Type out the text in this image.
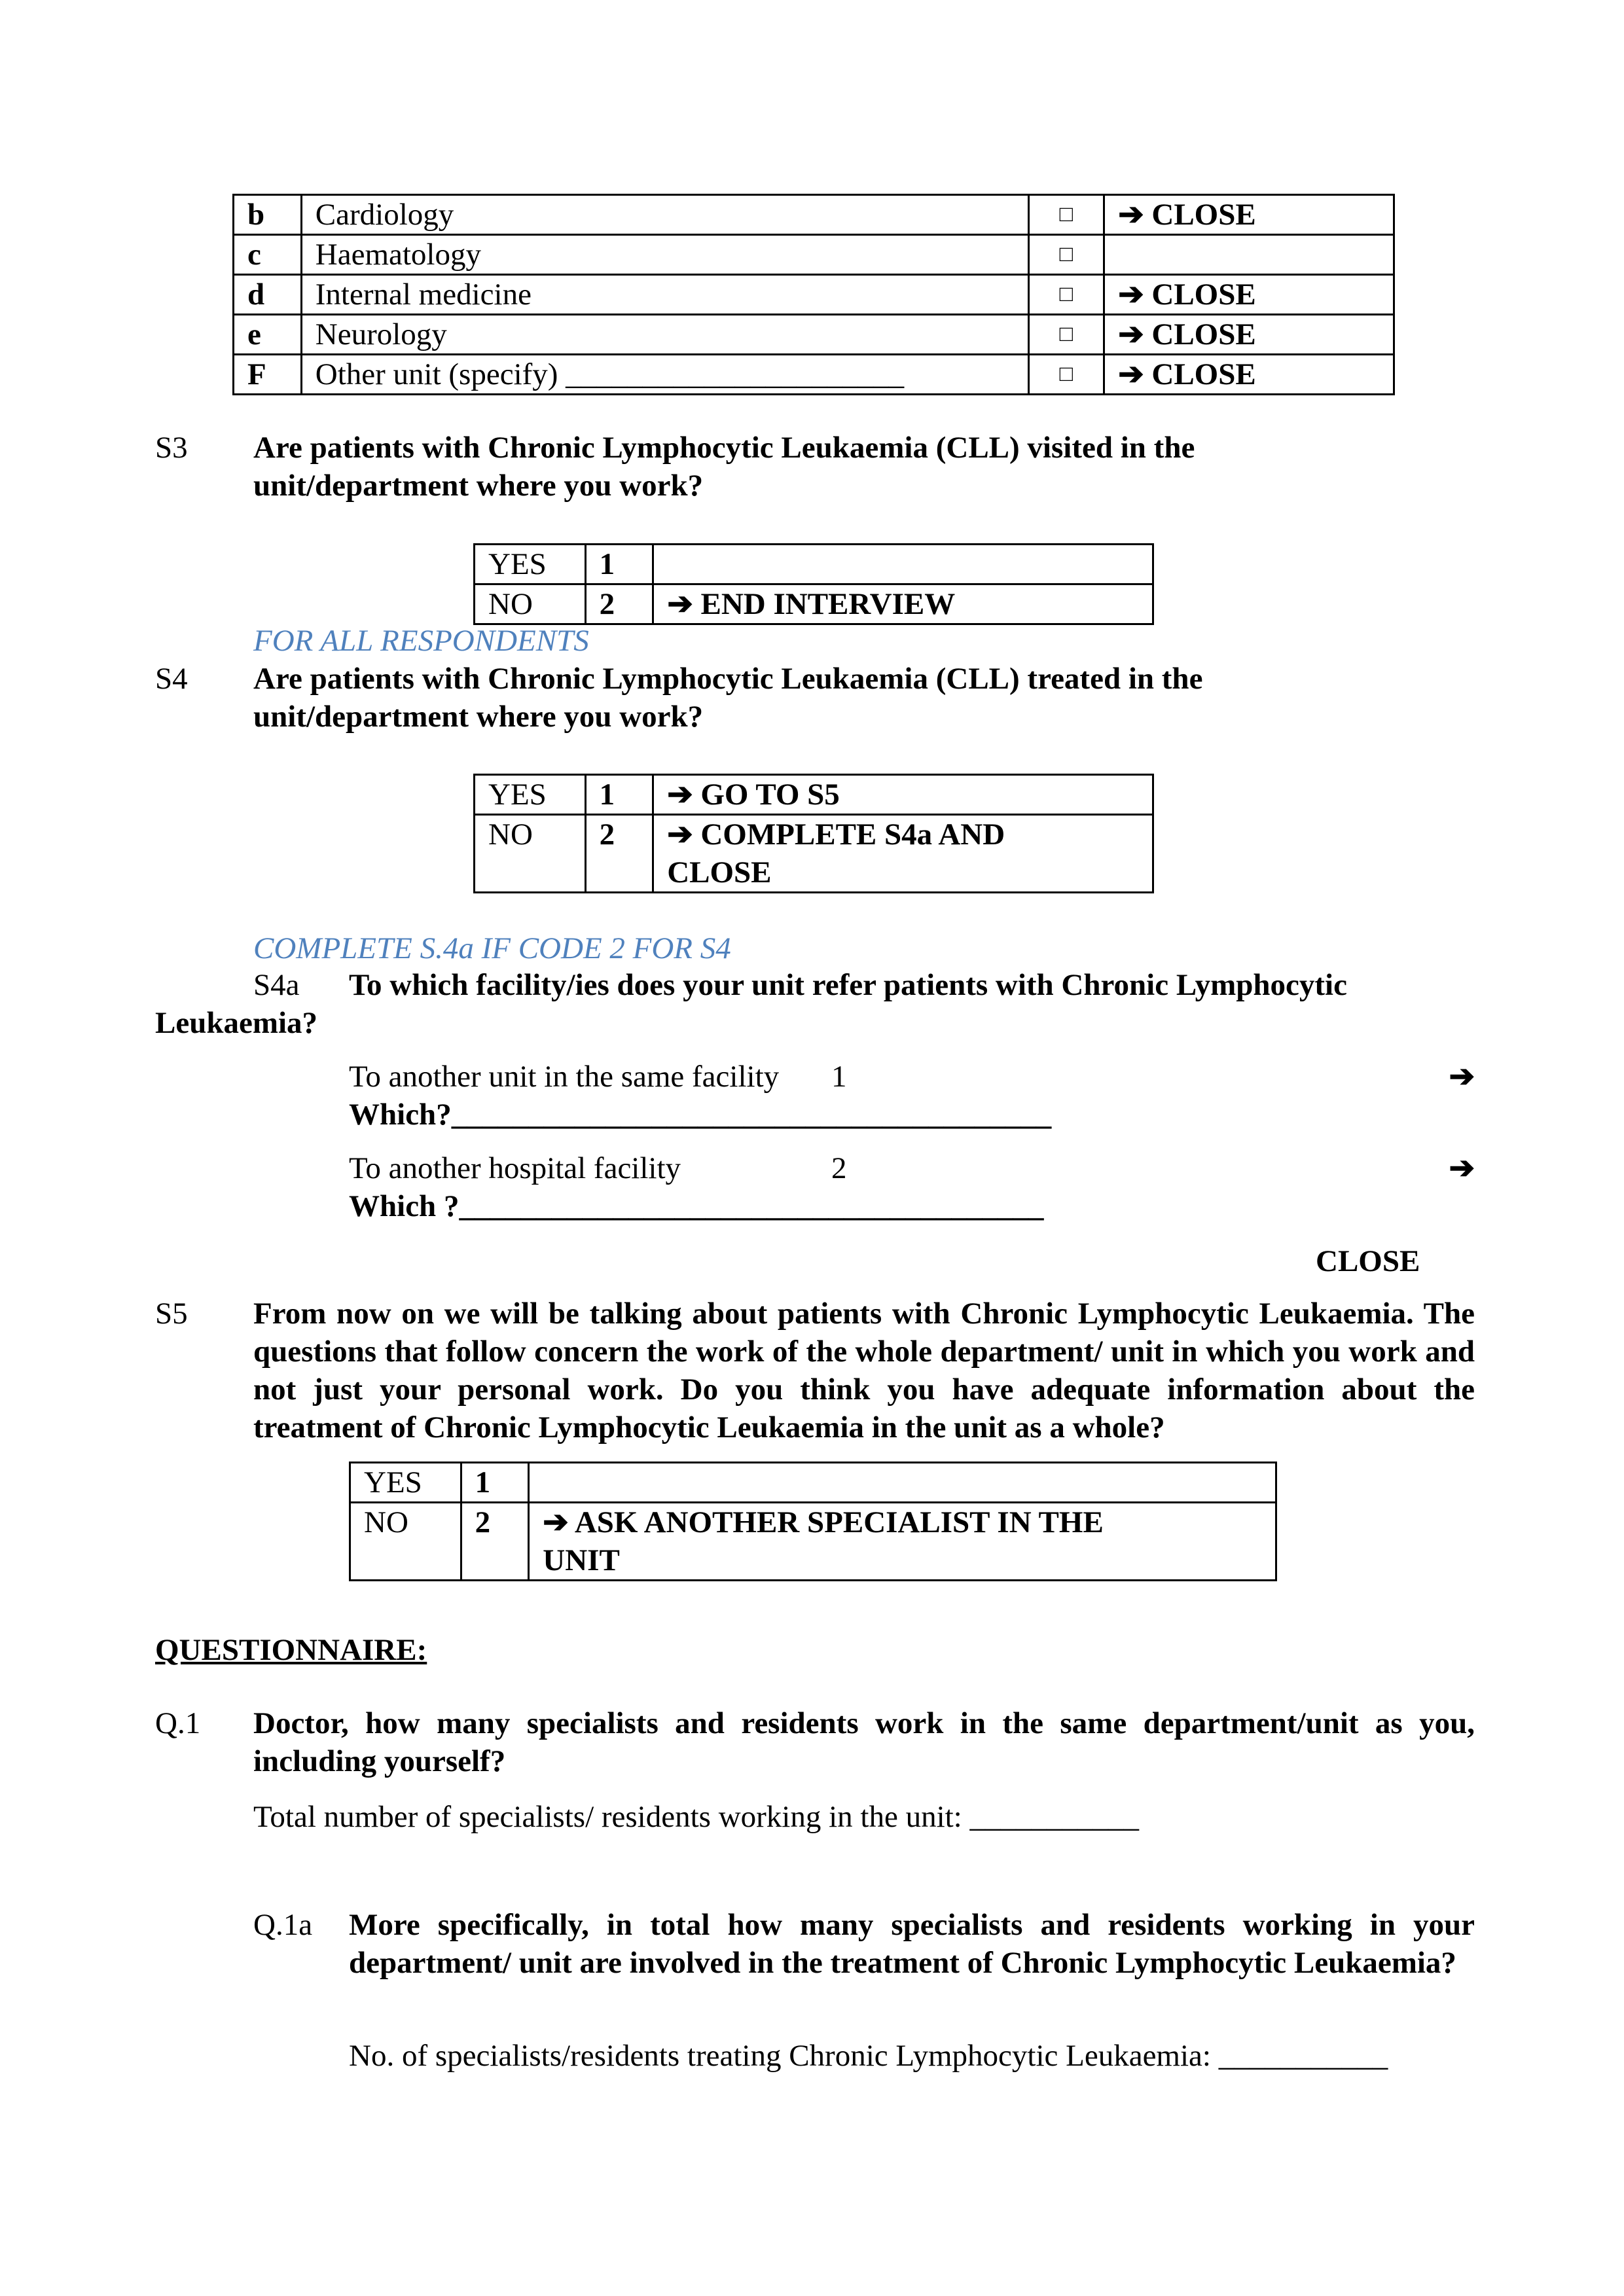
b	Cardiology	□	➔ CLOSE
c	Haematology	□	
d	Internal medicine	□	➔ CLOSE
e	Neurology	□	➔ CLOSE
F	Other unit (specify) ______________________	□	➔ CLOSE
S3 Are patients with Chronic Lymphocytic Leukaemia (CLL) visited in the
unit/department where you work?
YES	1	
NO	2	➔ END INTERVIEW
FOR ALL RESPONDENTS
S4 Are patients with Chronic Lymphocytic Leukaemia (CLL) treated in the
unit/department where you work?
YES	1	➔ GO TO S5
NO	2	➔ COMPLETE S4a AND
CLOSE
COMPLETE S.4a IF CODE 2 FOR S4
S4a To which facility/ies does your unit refer patients with Chronic Lymphocytic
Leukaemia?
To another unit in the same facility 1	➔
Which?_______________________________________
To another hospital facility	2	➔
Which ?______________________________________
CLOSE
S5 From now on we will be talking about patients with Chronic Lymphocytic Leukaemia. The questions that follow concern the work of the whole department/ unit in which you work and not just your personal work. Do you think you have adequate information about the treatment of Chronic Lymphocytic Leukaemia in the unit as a whole?
YES	1	
NO	2	➔ ASK ANOTHER SPECIALIST IN THE
UNIT
QUESTIONNAIRE:
Q.1 Doctor, how many specialists and residents work in the same department/unit as you, including yourself?
Total number of specialists/ residents working in the unit: ___________
Q.1a More specifically, in total how many specialists and residents working in your department/ unit are involved in the treatment of Chronic Lymphocytic Leukaemia?
No. of specialists/residents treating Chronic Lymphocytic Leukaemia: ___________
